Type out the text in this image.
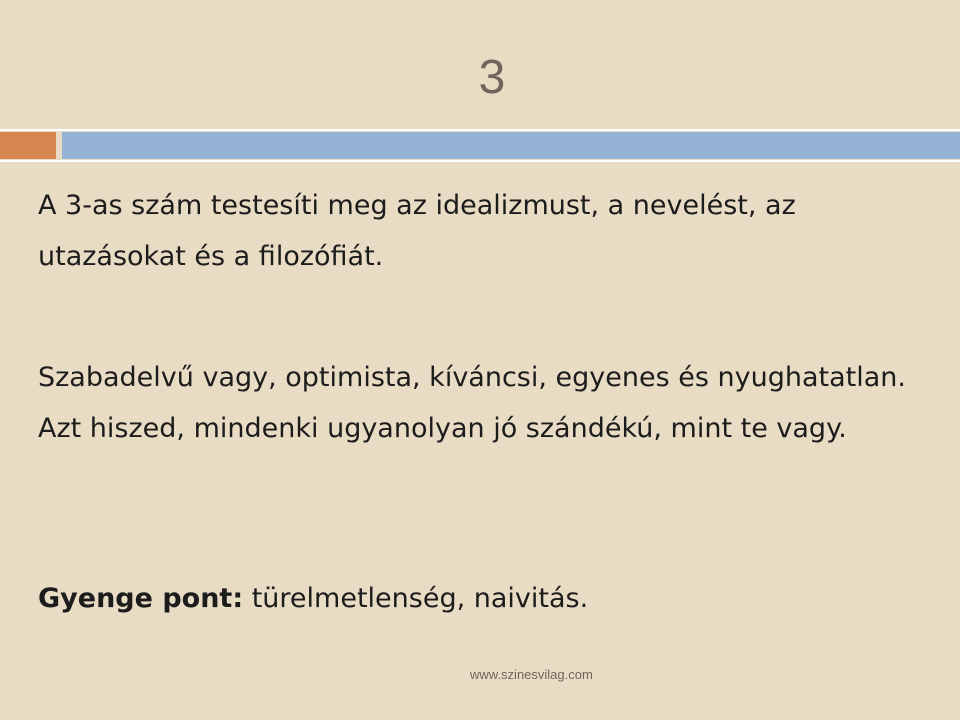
3

A 3-as szám testesíti meg az idealizmust, a nevelést, az utazásokat és a filozófiát.

Szabadelvű vagy, optimista, kíváncsi, egyenes és nyughatatlan. Azt hiszed, mindenki ugyanolyan jó szándékú, mint te vagy.

Gyenge pont: türelmetlenség, naivitás.

www.szinesvilag.com
